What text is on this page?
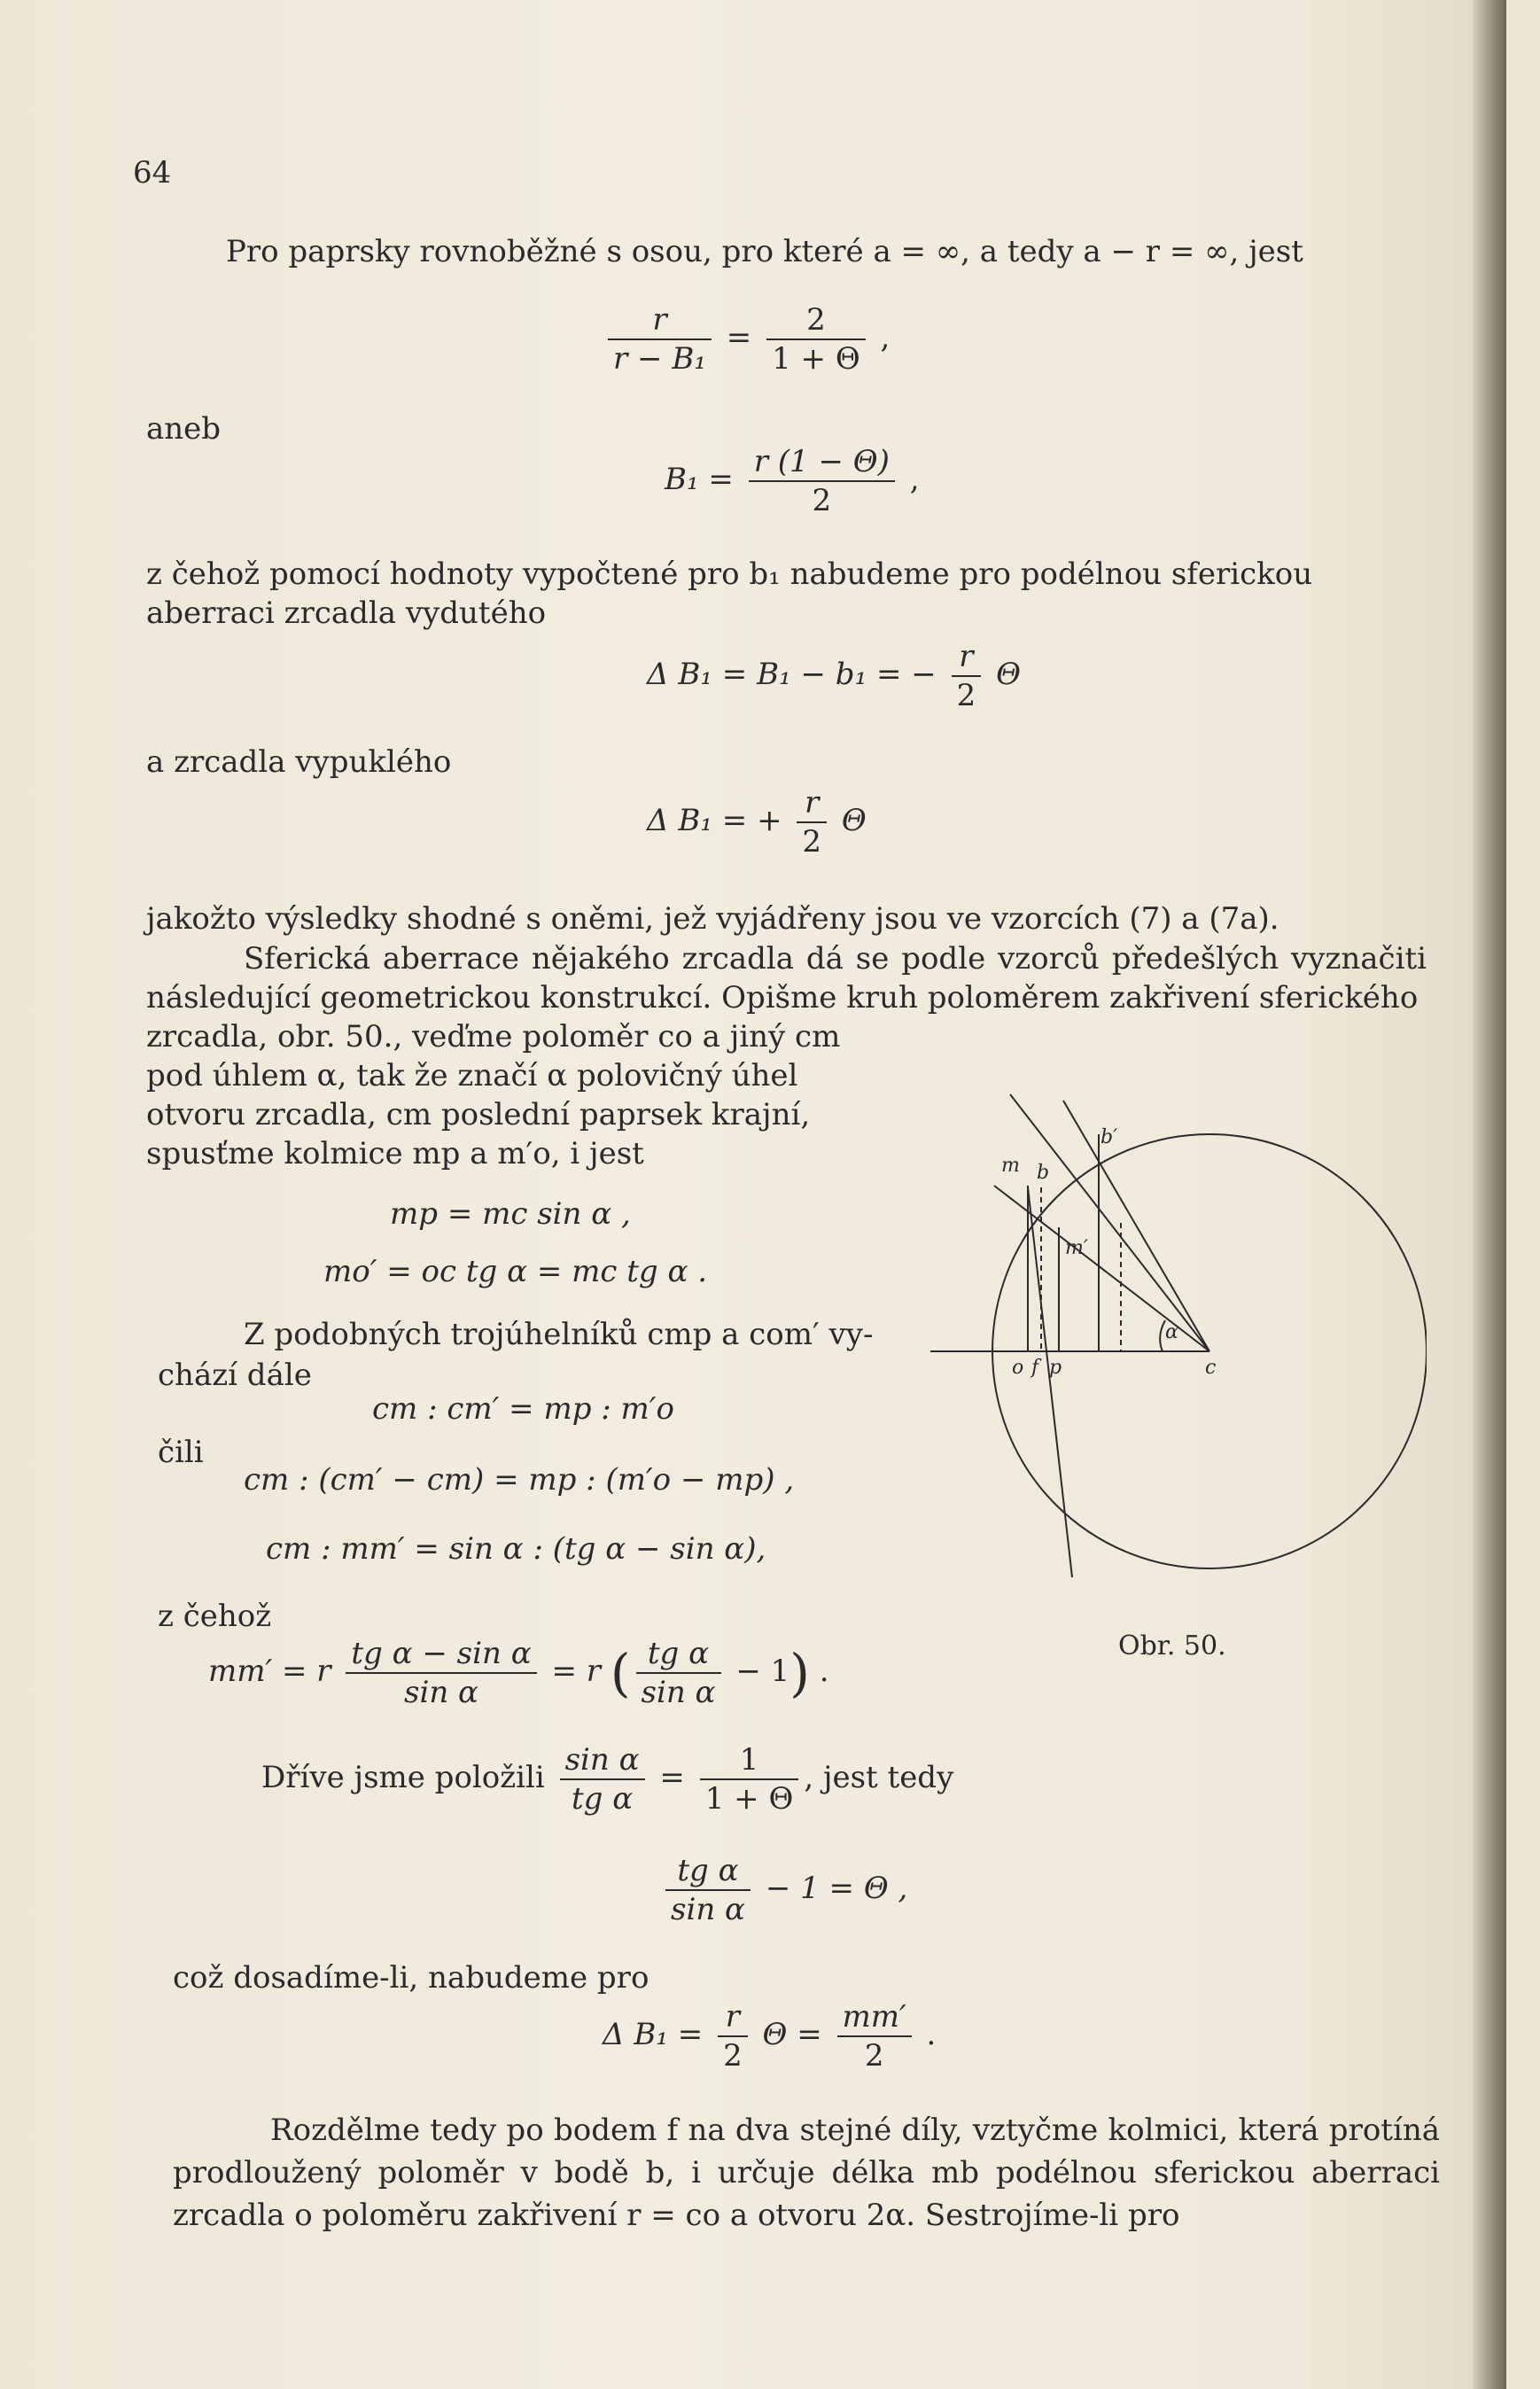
64
Pro paprsky rovnoběžné s osou, pro které a = ∞, a tedy a − r = ∞, jest
$\frac{r}{\text{r − B₁}} = \frac{2}{1 + \Theta}$ ,
aneb
$B_1 = \frac{r (1 - \Theta)}{2}$ ,
z čehož pomocí hodnoty vypočtené pro b₁ nabudeme pro podélnou sferickou
aberraci zrcadla vydutého
Δ B₁ = B₁ − b₁ = − $\frac{r}{2}$ Θ
a zrcadla vypuklého
Δ B₁ = + $\frac{r}{2}$ Θ
jakožto výsledky shodné s oněmi, jež vyjádřeny jsou ve vzorcích (7) a (7a).
Sferická aberrace nějakého zrcadla dá se podle vzorců předešlých vyznačiti následující geometrickou konstrukcí. Opišme kruh poloměrem zakřivení sferického
zrcadla, obr. 50., veďme poloměr co a jiný cm
pod úhlem α, tak že značí α polovičný úhel
otvoru zrcadla, cm poslední paprsek krajní,
spusťme kolmice mp a m′o, i jest
mp = mc sin α ,
mo′ = oc tg α = mc tg α .
Z podobných trojúhelníků cmp a com′ vy-
chází dále
cm : cm′ = mp : m′o
čili
cm : (cm′ − cm) = mp : (m′o − mp) ,
cm : mm′ = sin α : (tg α − sin α),
z čehož
mm′ = r $\frac{\text{tg α − sin α}}{\text{sin α}} = r$ ( $\frac{\text{tg α}}{\text{sin α}} - 1$) .
Obr. 50.
Dříve jsme položili $\frac{\text{sin α}}{\text{tg α}} = \frac{1}{1 + \Theta}$ , jest tedy
$\frac{\text{tg α}}{\text{sin α}} - 1 = \Theta$ ,
což dosadíme-li, nabudeme pro
Δ $B_1 = \frac{r}{2}$ $\Theta = \frac{mm'}{2}$ .
Rozdělme tedy po bodem f na dva stejné díly, vztyčme kolmici, která protíná prodloužený poloměr v bodě b, i určuje délka mb podélnou sferickou aberraci zrcadla o poloměru zakřivení r = co a otvoru 2α. Sestrojíme-li pro
b′
m b
m′
α
o f p	c
